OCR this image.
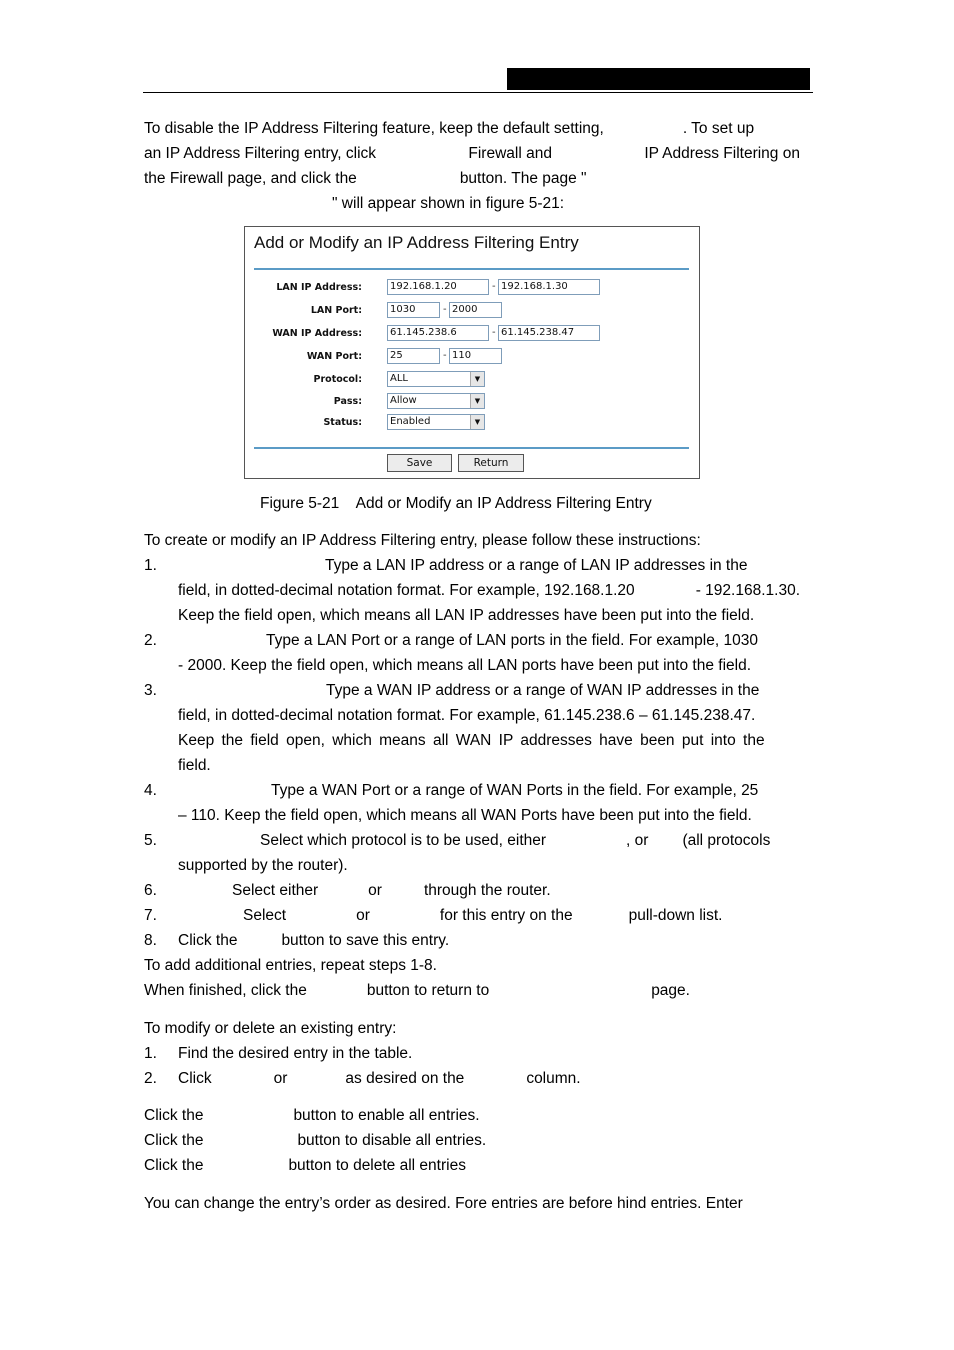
To disable the IP Address Filtering feature, keep the default setting,	. To set up
an IP Address Filtering entry, click	Firewall and	IP Address Filtering on
the Firewall page, and click the	button. The page "
" will appear shown in figure 5-21:
Add or Modify an IP Address Filtering Entry
LAN IP Address:	192.168.1.20	- 192.168.1.30
LAN Port:	1030	- 2000
WAN IP Address:	61.145.238.6	- 61.145.238.47
WAN Port:	25	- 110
Protocol:	ALL	▼
Pass:	Allow	▼
Status:	Enabled	▼
Save	Return
Figure 5-21    Add or Modify an IP Address Filtering Entry
To create or modify an IP Address Filtering entry, please follow these instructions:
1.	Type a LAN IP address or a range of LAN IP addresses in the
field, in dotted-decimal notation format. For example, 192.168.1.20	- 192.168.1.30.
Keep the field open, which means all LAN IP addresses have been put into the field.
2.	Type a LAN Port or a range of LAN ports in the field. For example, 1030
- 2000. Keep the field open, which means all LAN ports have been put into the field.
3.	Type a WAN IP address or a range of WAN IP addresses in the
field, in dotted-decimal notation format. For example, 61.145.238.6 – 61.145.238.47.
Keep the field open, which means all WAN IP addresses have been put into the
field.
4.	Type a WAN Port or a range of WAN Ports in the field. For example, 25
– 110. Keep the field open, which means all WAN Ports have been put into the field.
5.	Select which protocol is to be used, either	, or (all protocols
supported by the router).
6.	Select either	or	through the router.
7.	Select	or	for this entry on the	pull-down list.
8. Click the	button to save this entry.
To add additional entries, repeat steps 1-8.
When finished, click the	button to return to	page.
To modify or delete an existing entry:
1. Find the desired entry in the table.
2. Click	or	as desired on the	column.
Click the	button to enable all entries.
Click the	button to disable all entries.
Click the	button to delete all entries
You can change the entry’s order as desired. Fore entries are before hind entries. Enter
